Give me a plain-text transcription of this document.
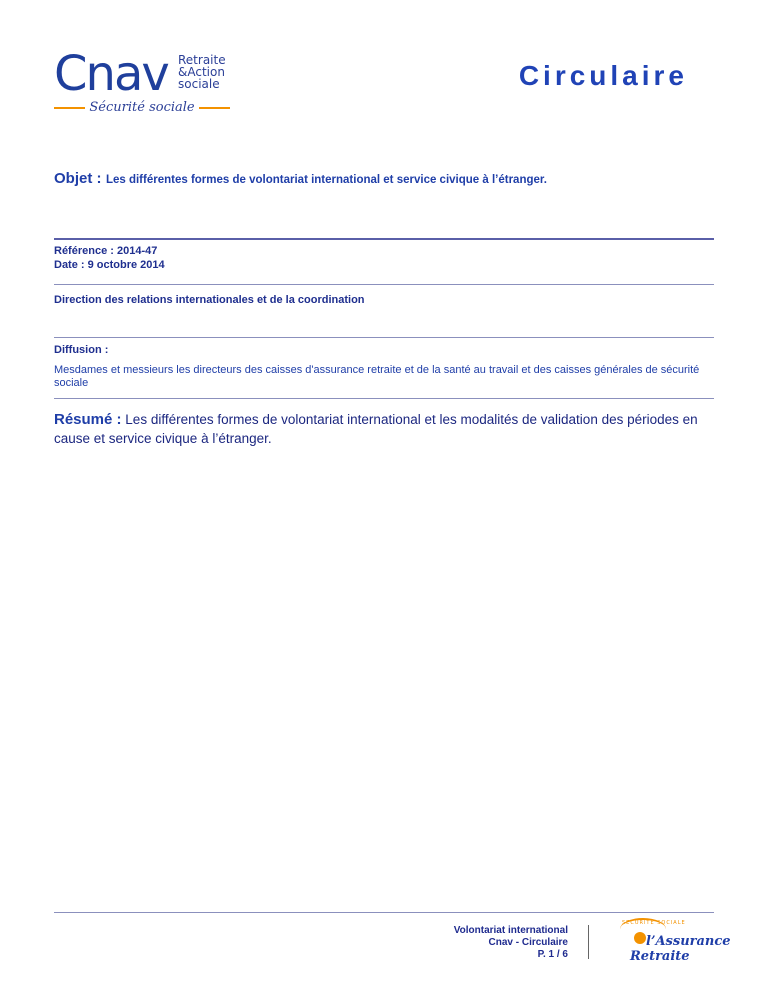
Cnav Retraite
&Action
sociale
Sécurité sociale
Circulaire
Objet : Les différentes formes de volontariat international et service civique à l’étranger.
Référence : 2014-47
Date : 9 octobre 2014
Direction des relations internationales et de la coordination
Diffusion :
Mesdames et messieurs les directeurs des caisses d'assurance retraite et de la santé au travail et des caisses générales de sécurité sociale
Résumé : Les différentes formes de volontariat international et les modalités de validation des périodes en cause et service civique à l’étranger.
Volontariat international
Cnav - Circulaire
P. 1 / 6
SECURITE SOCIALE
l’Assurance
Retraite
